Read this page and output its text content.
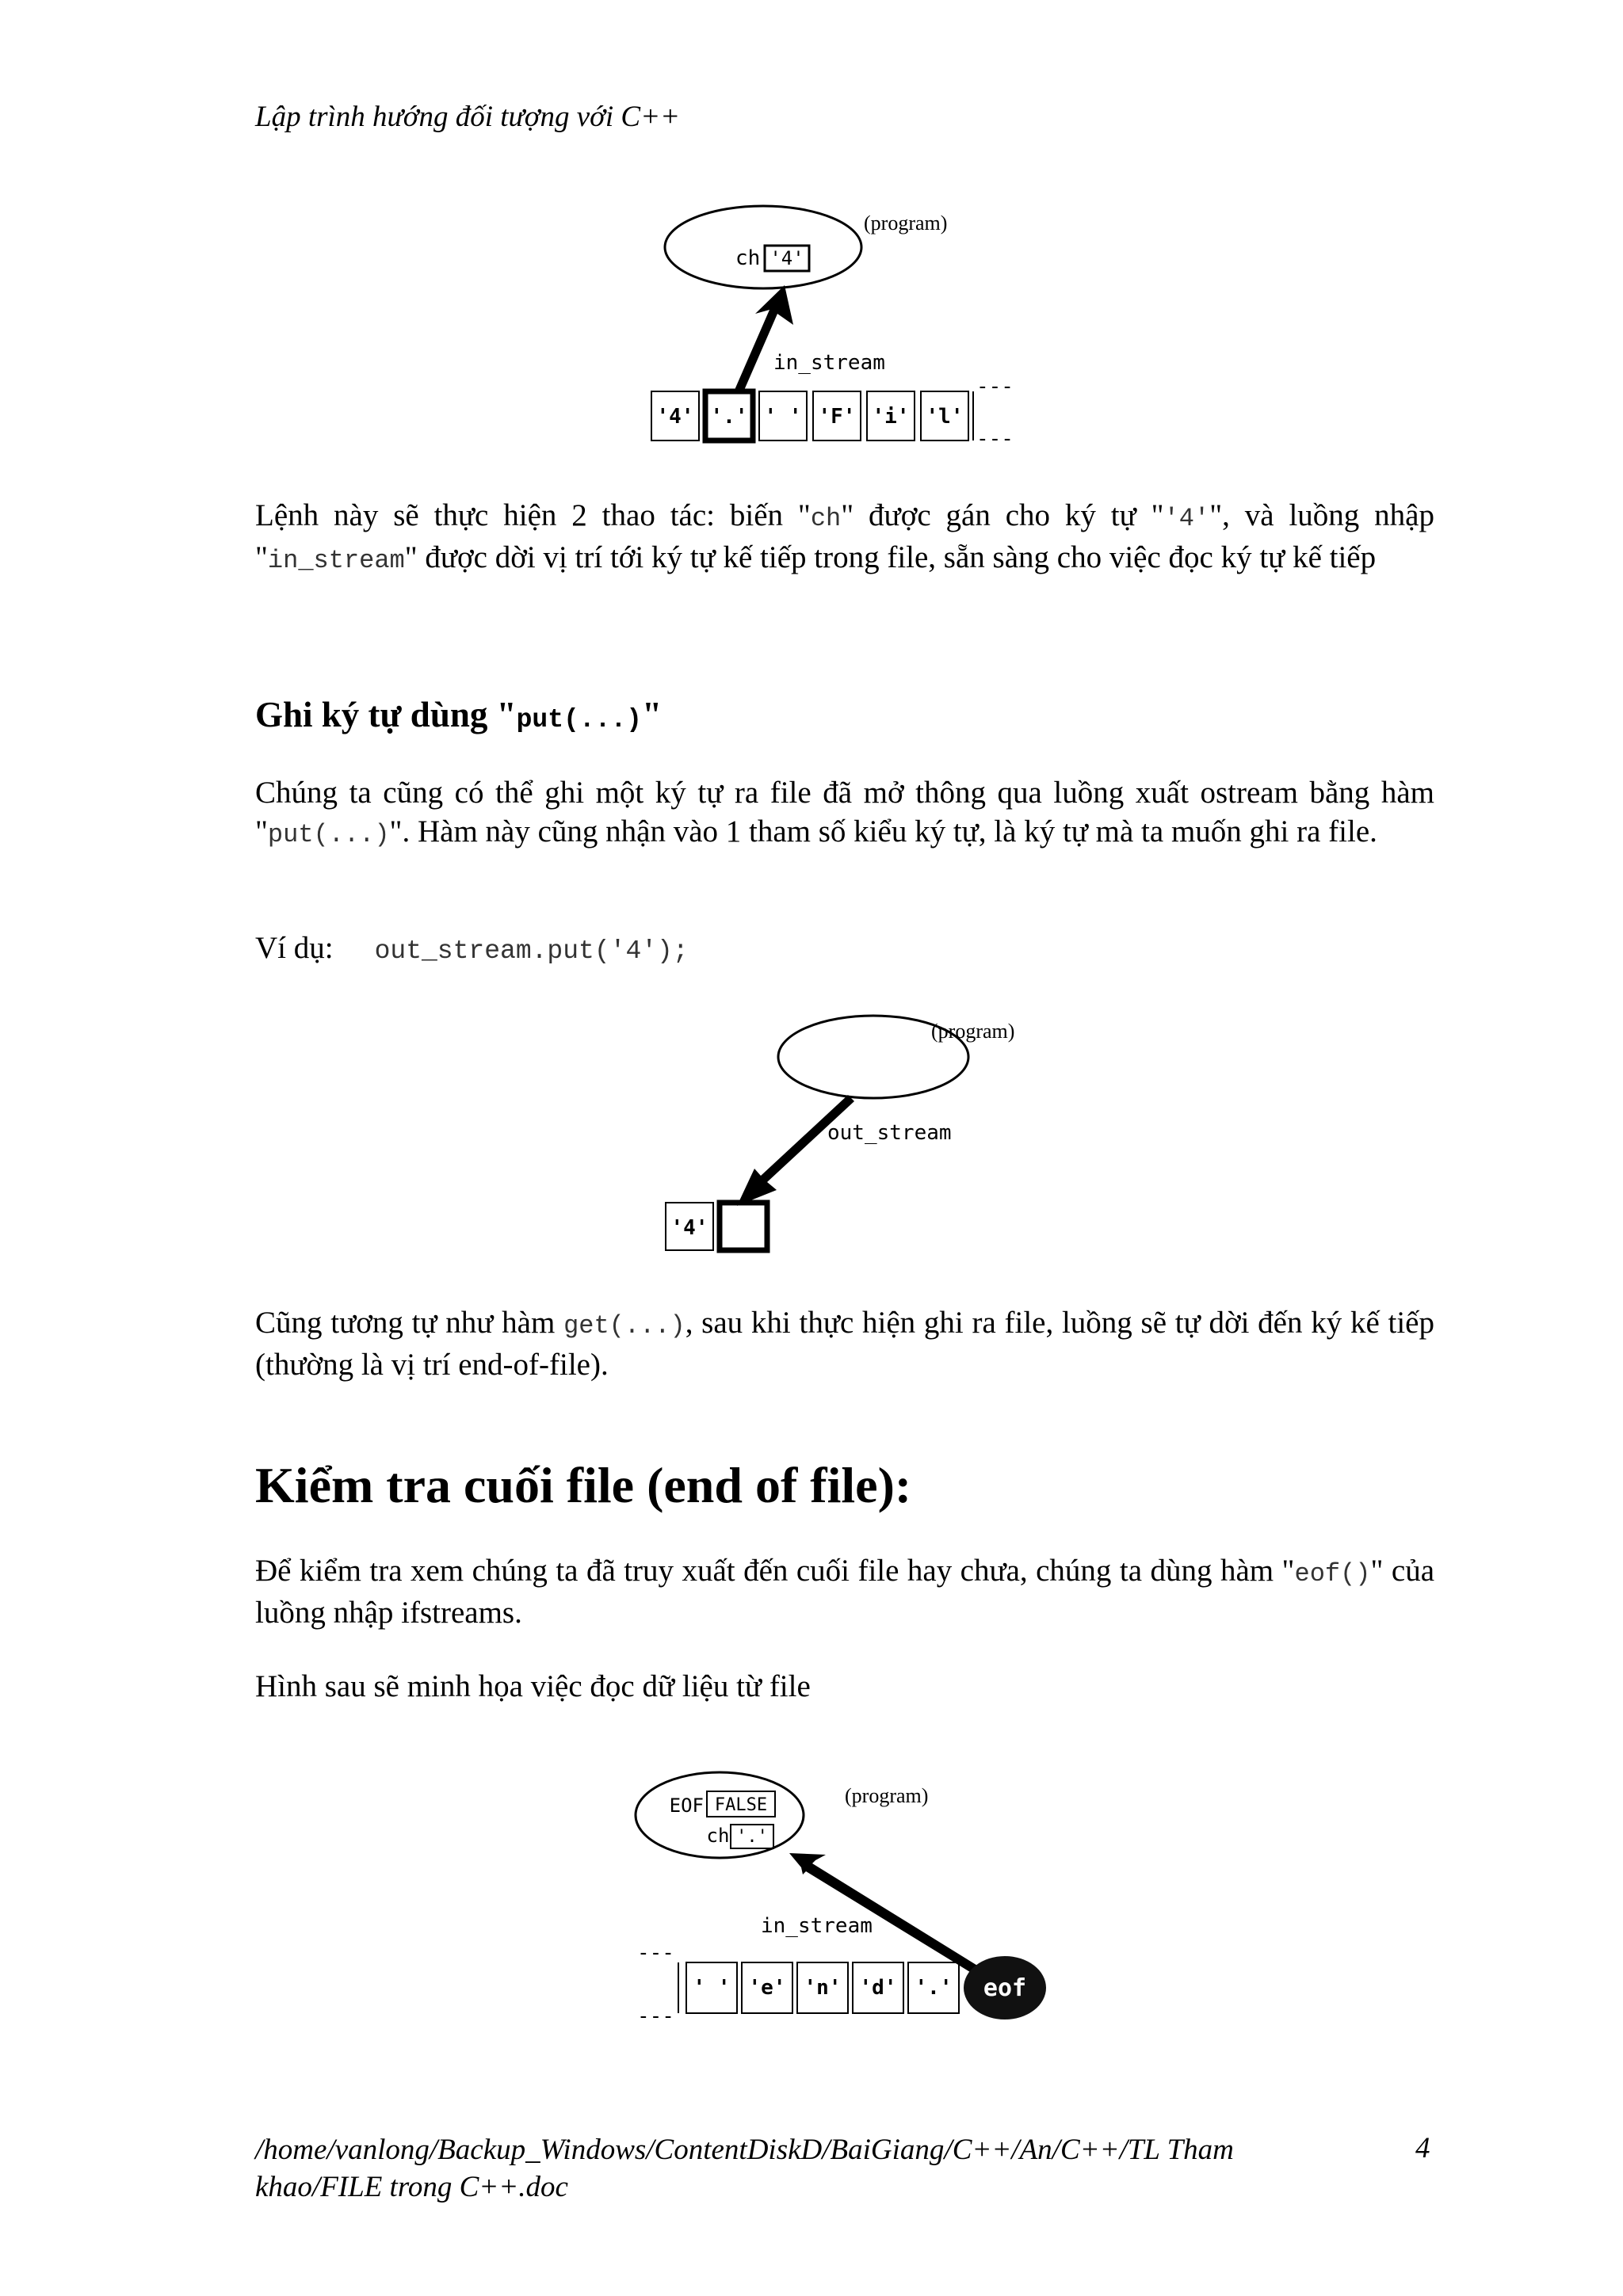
Lập trình hướng đối tượng với C++
(program)
ch '4'
in_stream
'4' '.' ' ' 'F' 'i' 'l'
---
---
Lệnh này sẽ thực hiện 2 thao tác: biến "ch" được gán cho ký tự "'4'", và luồng nhập "in_stream" được dời vị trí tới ký tự kế tiếp trong file, sẵn sàng cho việc đọc ký tự kế tiếp
Ghi ký tự dùng "put(...)"
Chúng ta cũng có thể ghi một ký tự ra file đã mở thông qua luồng xuất ostream bằng hàm "put(...)". Hàm này cũng nhận vào 1 tham số kiểu ký tự, là ký tự mà ta muốn ghi ra file.
Ví dụ: out_stream.put('4');
(program)
out_stream
'4'
Cũng tương tự như hàm get(...), sau khi thực hiện ghi ra file, luồng sẽ tự dời đến ký kế tiếp (thường là vị trí end-of-file).
Kiểm tra cuối file (end of file):
Để kiểm tra xem chúng ta đã truy xuất đến cuối file hay chưa, chúng ta dùng hàm "eof()" của luồng nhập ifstreams.
Hình sau sẽ minh họa việc đọc dữ liệu từ file
(program)
EOF FALSE
ch '.'
in_stream
---
---
' ' 'e' 'n' 'd' '.' eof
/home/vanlong/Backup_Windows/ContentDiskD/BaiGiang/C++/An/C++/TL Tham khao/FILE trong C++.doc
4
